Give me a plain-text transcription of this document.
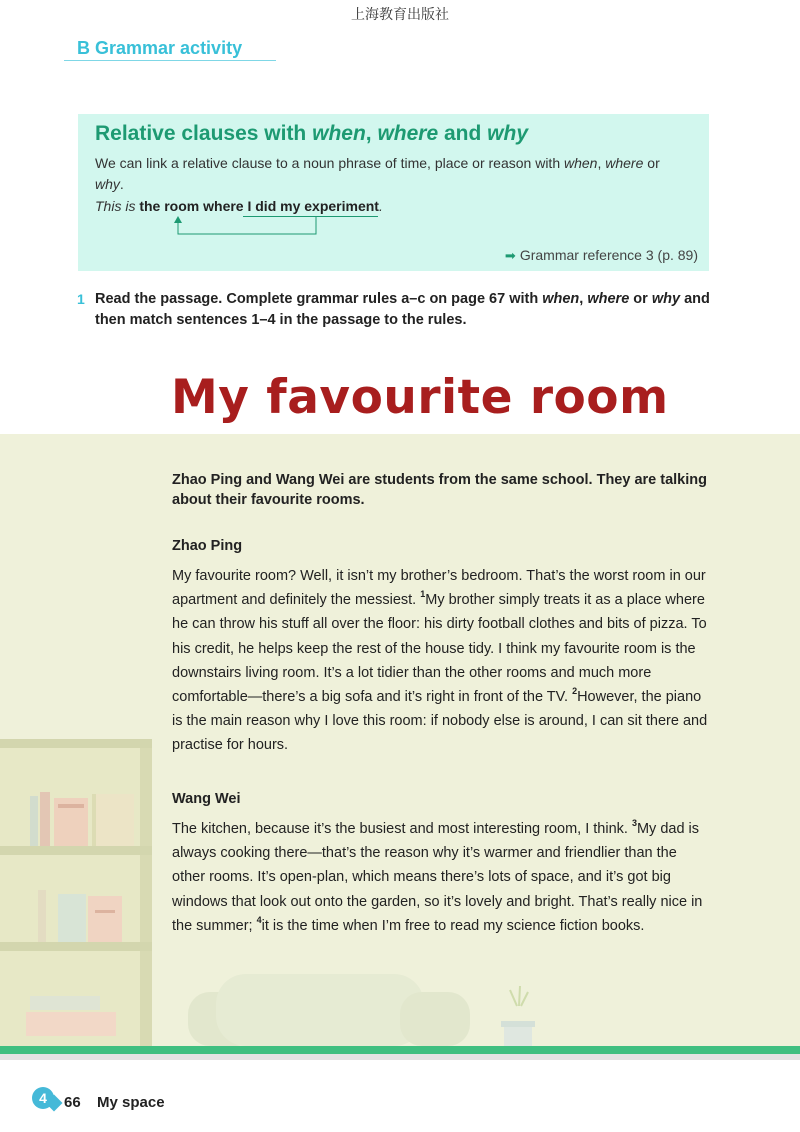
上海教育出版社
B Grammar activity
Relative clauses with when, where and why
We can link a relative clause to a noun phrase of time, place or reason with when, where or why.
This is the room where I did my experiment.
➡ Grammar reference 3 (p. 89)
1 Read the passage. Complete grammar rules a–c on page 67 with when, where or why and then match sentences 1–4 in the passage to the rules.
My favourite room
Zhao Ping and Wang Wei are students from the same school. They are talking about their favourite rooms.
Zhao Ping
My favourite room? Well, it isn’t my brother’s bedroom. That’s the worst room in our apartment and definitely the messiest. $^1$My brother simply treats it as a place where he can throw his stuff all over the floor: his dirty football clothes and bits of pizza. To his credit, he helps keep the rest of the house tidy. I think my favourite room is the downstairs living room. It’s a lot tidier than the other rooms and much more comfortable—there’s a big sofa and it’s right in front of the TV. $^2$However, the piano is the main reason why I love this room: if nobody else is around, I can sit there and practise for hours.
Wang Wei
The kitchen, because it’s the busiest and most interesting room, I think. $^3$My dad is always cooking there—that’s the reason why it’s warmer and friendlier than the other rooms. It’s open-plan, which means there’s lots of space, and it’s got big windows that look out onto the garden, so it’s lovely and bright. That’s really nice in the summer; $^4$it is the time when I’m free to read my science fiction books.
4	66 My space
